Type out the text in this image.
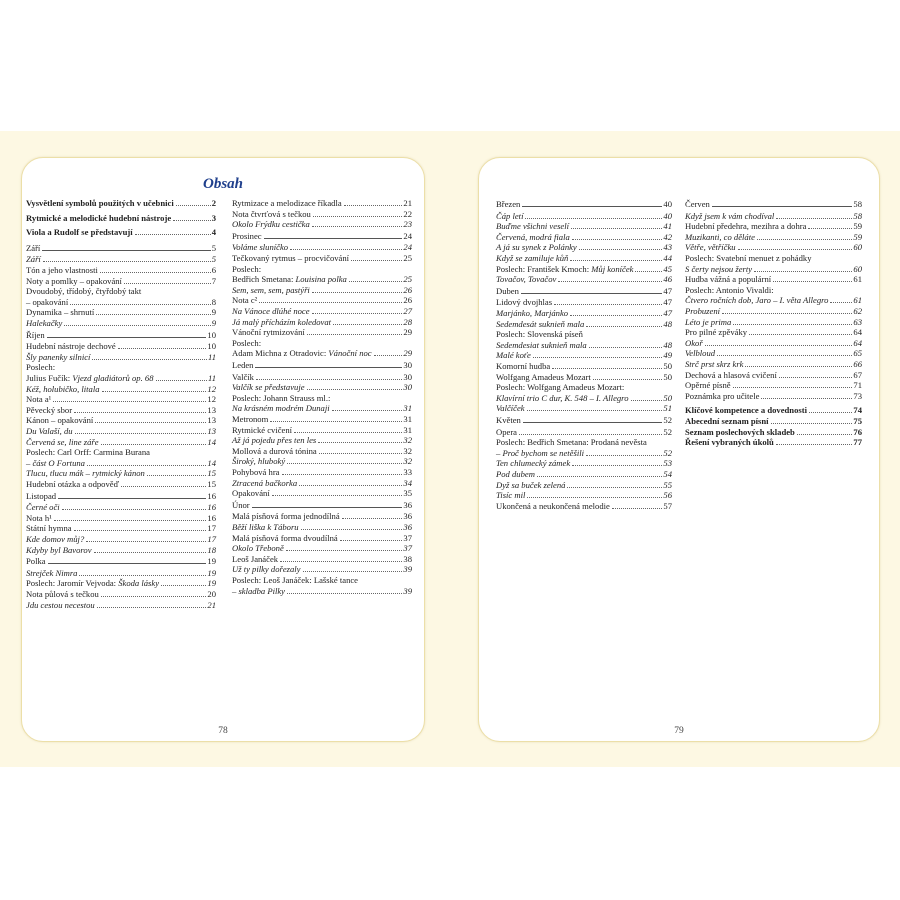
Obsah
Vysvětlení symbolů použitých v učebnici	2
Rytmické a melodické hudební nástroje	3
Viola a Rudolf se představují	4
Září	5
Září	5
Tón a jeho vlastnosti	6
Noty a pomlky – opakování	7
Dvoudobý, třídobý, čtyřdobý takt
– opakování	8
Dynamika – shrnutí	9
Halekačky	9
Říjen	10
Hudební nástroje dechové	10
Šly panenky silnicí	11
Poslech:
Julius Fučík: Vjezd gladiátorů op. 68	11
Kéž, holubičko, litala	12
Nota a¹	12
Pěvecký sbor	13
Kánon – opakování	13
Du Valaší, du	13
Červená se, line záře	14
Poslech: Carl Orff: Carmina Burana
– část O Fortuna	14
Tlucu, tlucu mák – rytmický kánon	15
Hudební otázka a odpověď	15
Listopad	16
Černé oči	16
Nota h¹	16
Státní hymna	17
Kde domov můj?	17
Kdyby byl Bavorov	18
Polka	19
Strejček Nimra	19
Poslech: Jaromír Vejvoda: Škoda lásky	19
Nota půlová s tečkou	20
Jdu cestou necestou	21
Rytmizace a melodizace říkadla	21
Nota čtvrťová s tečkou	22
Okolo Frýdku cestička	23
Prosinec	24
Voláme sluníčko	24
Tečkovaný rytmus – procvičování	25
Poslech:
Bedřich Smetana: Louisina polka	25
Sem, sem, sem, pastýři	26
Nota c²	26
Na Vánoce dlúhé noce	27
Já malý přícházím koledovat	28
Vánoční rytmizování	29
Poslech:
Adam Michna z Otradovic: Vánoční noc	29
Leden	30
Valčík	30
Valčík se představuje	30
Poslech: Johann Strauss ml.:
Na krásném modrém Dunaji	31
Metronom	31
Rytmické cvičení	31
Až já pojedu přes ten les	32
Mollová a durová tónina	32
Široký, hluboký	32
Pohybová hra	33
Ztracená bačkorka	34
Opakování	35
Únor	36
Malá písňová forma jednodílná	36
Běží liška k Táboru	36
Malá písňová forma dvoudílná	37
Okolo Třeboně	37
Leoš Janáček	38
Už ty pilky dořezaly	39
Poslech: Leoš Janáček: Lašské tance
– skladba Pilky	39
78
Březen	40
Čáp letí	40
Buďme všichni veselí	41
Červená, modrá fiala	42
A já su synek z Polánky	43
Když se zamiluje kůň	44
Poslech: František Kmoch: Můj koníček	45
Tovačov, Tovačov	46
Duben	47
Lidový dvojhlas	47
Marjánko, Marjánko	47
Sedemdesát suknieň mala	48
Poslech: Slovenská píseň
Sedemdesiat suknieň mala	48
Malé koťe	49
Komorní hudba	50
Wolfgang Amadeus Mozart	50
Poslech: Wolfgang Amadeus Mozart:
Klavírní trio C dur, K. 548 – I. Allegro	50
Valčíček	51
Květen	52
Opera	52
Poslech: Bedřich Smetana: Prodaná nevěsta
– Proč bychom se netěšili	52
Ten chlumecký zámek	53
Pod dubem	54
Dyž sa buček zelená	55
Tisíc mil	56
Ukončená a neukončená melodie	57
Červen	58
Když jsem k vám chodíval	58
Hudební předehra, mezihra a dohra	59
Muzikanti, co děláte	59
Větře, větříčku	60
Poslech: Svatební menuet z pohádky
S čerty nejsou žerty	60
Hudba vážná a populární	61
Poslech: Antonio Vivaldi:
Čtvero ročních dob, Jaro – I. věta Allegro	61
Probuzení	62
Léto je prima	63
Pro pilné zpěváky	64
Okoř	64
Velbloud	65
Strč prst skrz krk	66
Dechová a hlasová cvičení	67
Opěrné písně	71
Poznámka pro učitele	73
Klíčové kompetence a dovednosti	74
Abecední seznam písní	75
Seznam poslechových skladeb	76
Řešení vybraných úkolů	77
79
